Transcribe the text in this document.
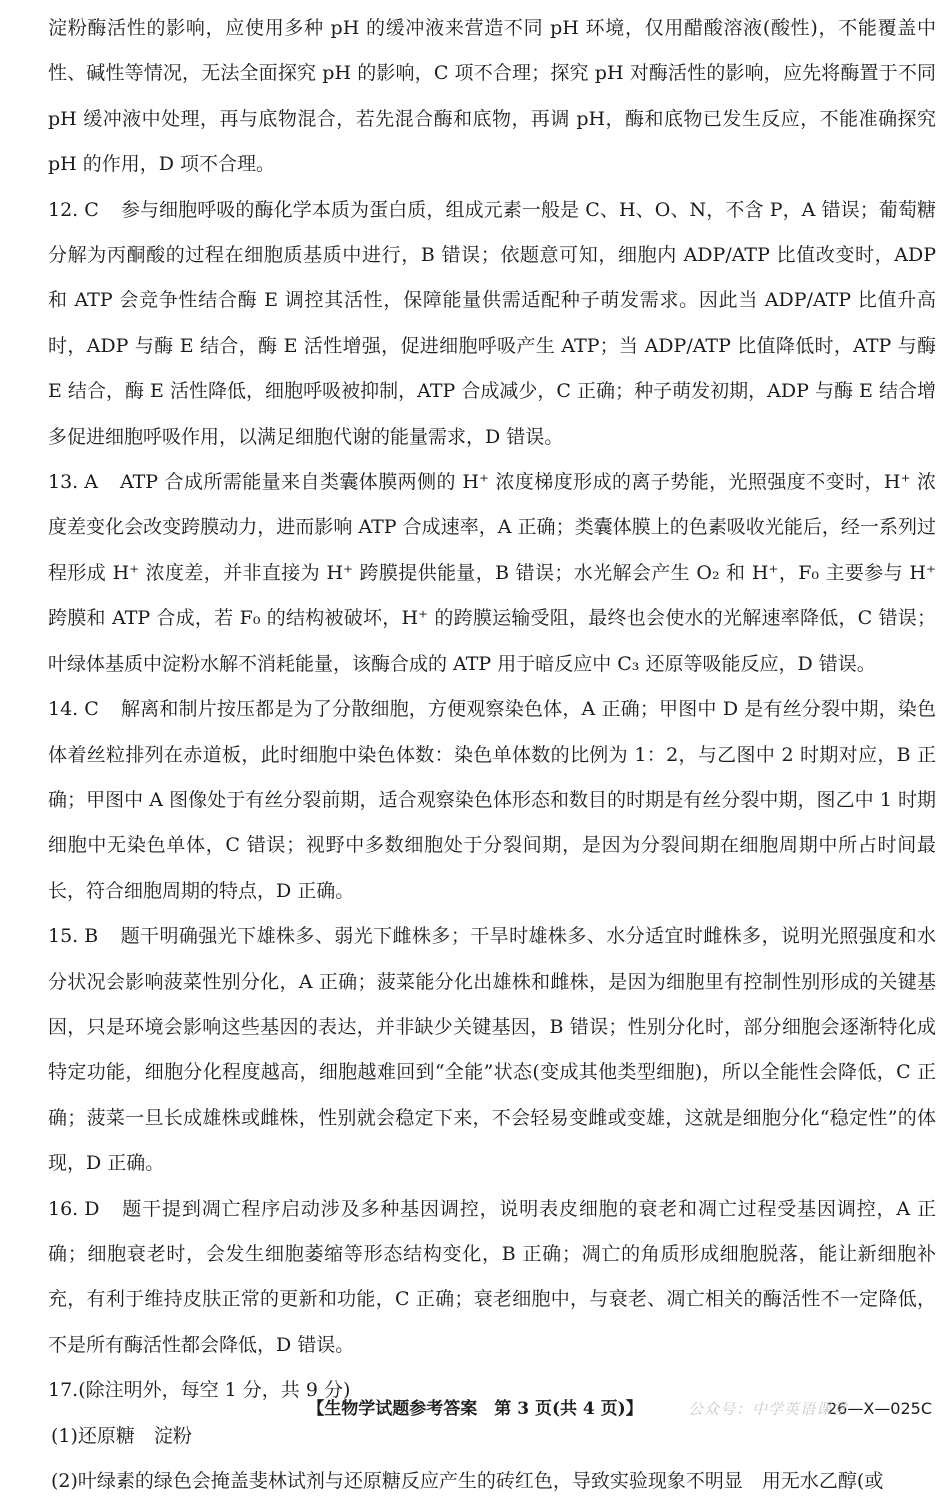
淀粉酶活性的影响，应使用多种 pH 的缓冲液来营造不同 pH 环境，仅用醋酸溶液(酸性)，不能覆盖中性、碱性等情况，无法全面探究 pH 的影响，C 项不合理；探究 pH 对酶活性的影响，应先将酶置于不同 pH 缓冲液中处理，再与底物混合，若先混合酶和底物，再调 pH，酶和底物已发生反应，不能准确探究 pH 的作用，D 项不合理。

12. C 参与细胞呼吸的酶化学本质为蛋白质，组成元素一般是 C、H、O、N，不含 P，A 错误；葡萄糖分解为丙酮酸的过程在细胞质基质中进行，B 错误；依题意可知，细胞内 ADP/ATP 比值改变时，ADP 和 ATP 会竞争性结合酶 E 调控其活性，保障能量供需适配种子萌发需求。因此当 ADP/ATP 比值升高时，ADP 与酶 E 结合，酶 E 活性增强，促进细胞呼吸产生 ATP；当 ADP/ATP 比值降低时，ATP 与酶 E 结合，酶 E 活性降低，细胞呼吸被抑制，ATP 合成减少，C 正确；种子萌发初期，ADP 与酶 E 结合增多促进细胞呼吸作用，以满足细胞代谢的能量需求，D 错误。

13. A ATP 合成所需能量来自类囊体膜两侧的 H⁺ 浓度梯度形成的离子势能，光照强度不变时，H⁺ 浓度差变化会改变跨膜动力，进而影响 ATP 合成速率，A 正确；类囊体膜上的色素吸收光能后，经一系列过程形成 H⁺ 浓度差，并非直接为 H⁺ 跨膜提供能量，B 错误；水光解会产生 O₂ 和 H⁺，F₀ 主要参与 H⁺ 跨膜和 ATP 合成，若 F₀ 的结构被破坏，H⁺ 的跨膜运输受阻，最终也会使水的光解速率降低，C 错误；叶绿体基质中淀粉水解不消耗能量，该酶合成的 ATP 用于暗反应中 C₃ 还原等吸能反应，D 错误。

14. C 解离和制片按压都是为了分散细胞，方便观察染色体，A 正确；甲图中 D 是有丝分裂中期，染色体着丝粒排列在赤道板，此时细胞中染色体数：染色单体数的比例为 1：2，与乙图中 2 时期对应，B 正确；甲图中 A 图像处于有丝分裂前期，适合观察染色体形态和数目的时期是有丝分裂中期，图乙中 1 时期细胞中无染色单体，C 错误；视野中多数细胞处于分裂间期，是因为分裂间期在细胞周期中所占时间最长，符合细胞周期的特点，D 正确。

15. B 题干明确强光下雄株多、弱光下雌株多；干旱时雄株多、水分适宜时雌株多，说明光照强度和水分状况会影响菠菜性别分化，A 正确；菠菜能分化出雄株和雌株，是因为细胞里有控制性别形成的关键基因，只是环境会影响这些基因的表达，并非缺少关键基因，B 错误；性别分化时，部分细胞会逐渐特化成特定功能，细胞分化程度越高，细胞越难回到“全能”状态(变成其他类型细胞)，所以全能性会降低，C 正确；菠菜一旦长成雄株或雌株，性别就会稳定下来，不会轻易变雌或变雄，这就是细胞分化“稳定性”的体现，D 正确。

16. D 题干提到凋亡程序启动涉及多种基因调控，说明表皮细胞的衰老和凋亡过程受基因调控，A 正确；细胞衰老时，会发生细胞萎缩等形态结构变化，B 正确；凋亡的角质形成细胞脱落，能让新细胞补充，有利于维持皮肤正常的更新和功能，C 正确；衰老细胞中，与衰老、凋亡相关的酶活性不一定降低，不是所有酶活性都会降低，D 错误。

17.(除注明外，每空 1 分，共 9 分)

(1)还原糖　淀粉

(2)叶绿素的绿色会掩盖斐林试剂与还原糖反应产生的砖红色，导致实验现象不明显　用无水乙醇(或

【生物学试题参考答案　第 3 页(共 4 页)】	26—X—025C
公众号：中学英语课堂
